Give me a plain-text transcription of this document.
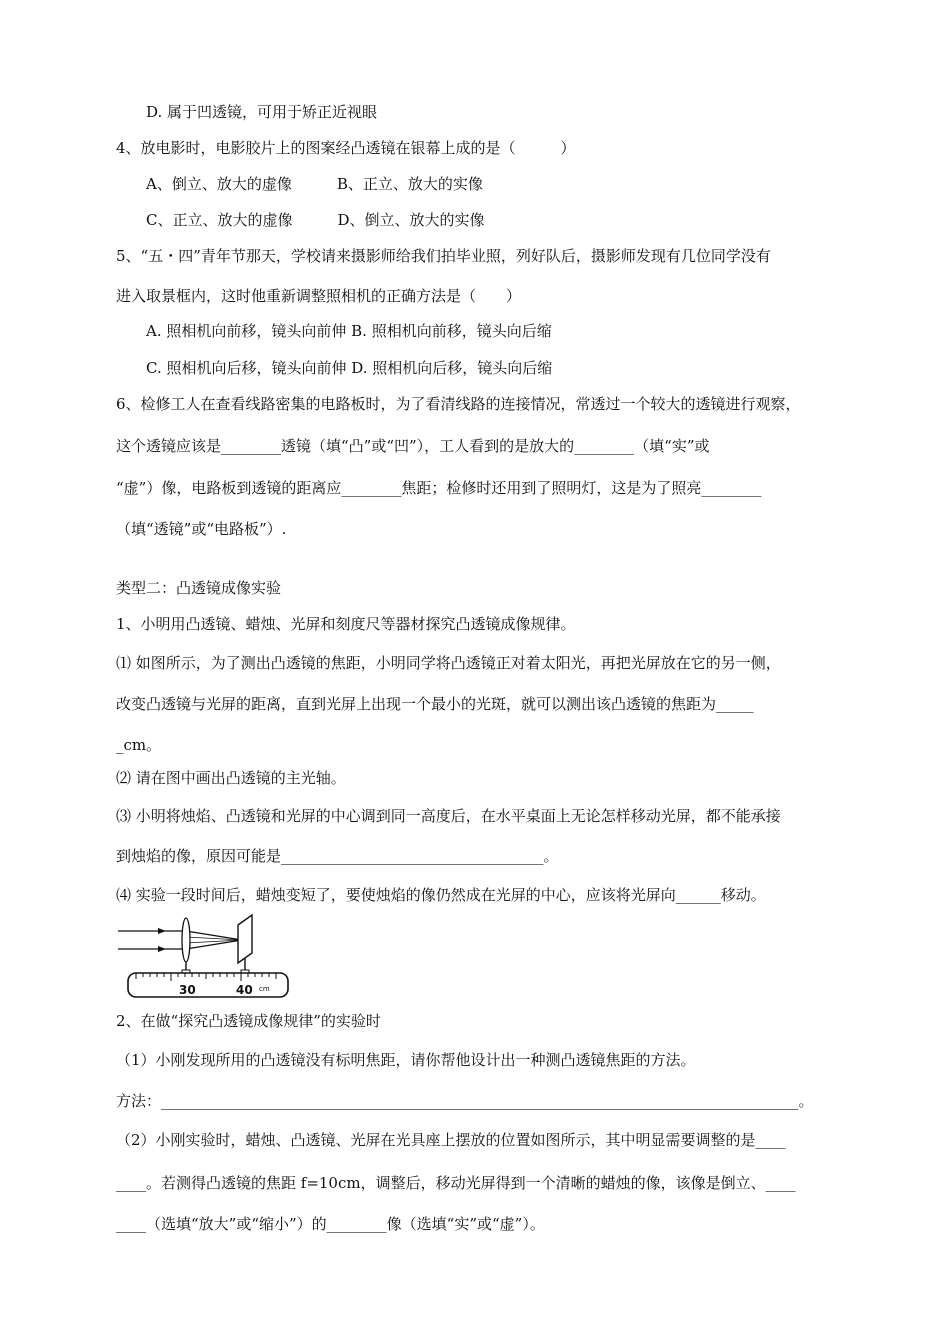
D. 属于凹透镜，可用于矫正近视眼
4、放电影时，电影胶片上的图案经凸透镜在银幕上成的是（　　　）
A、倒立、放大的虚像　　　B、正立、放大的实像
C、正立、放大的虚像　　　D、倒立、放大的实像
5、“五・四”青年节那天，学校请来摄影师给我们拍毕业照，列好队后，摄影师发现有几位同学没有
进入取景框内，这时他重新调整照相机的正确方法是（　　）
A. 照相机向前移，镜头向前伸 B. 照相机向前移，镜头向后缩
C. 照相机向后移，镜头向前伸 D. 照相机向后移，镜头向后缩
6、检修工人在查看线路密集的电路板时，为了看清线路的连接情况，常透过一个较大的透镜进行观察，
这个透镜应该是________透镜（填“凸”或“凹”），工人看到的是放大的________（填“实”或
“虚”）像，电路板到透镜的距离应________焦距；检修时还用到了照明灯，这是为了照亮________
（填“透镜”或“电路板”）.
类型二：凸透镜成像实验
1、小明用凸透镜、蜡烛、光屏和刻度尺等器材探究凸透镜成像规律。
⑴ 如图所示，为了测出凸透镜的焦距，小明同学将凸透镜正对着太阳光，再把光屏放在它的另一侧，
改变凸透镜与光屏的距离，直到光屏上出现一个最小的光斑，就可以测出该凸透镜的焦距为_____
_cm。
⑵ 请在图中画出凸透镜的主光轴。
⑶ 小明将烛焰、凸透镜和光屏的中心调到同一高度后，在水平桌面上无论怎样移动光屏，都不能承接
到烛焰的像，原因可能是___________________________________。
⑷ 实验一段时间后，蜡烛变短了，要使烛焰的像仍然成在光屏的中心，应该将光屏向______移动。
30	40 cm
2、在做“探究凸透镜成像规律”的实验时
（1）小刚发现所用的凸透镜没有标明焦距，请你帮他设计出一种测凸透镜焦距的方法。
方法：_____________________________________________________________________________________。
（2）小刚实验时，蜡烛、凸透镜、光屏在光具座上摆放的位置如图所示，其中明显需要调整的是____
____。若测得凸透镜的焦距 f=10cm，调整后，移动光屏得到一个清晰的蜡烛的像，该像是倒立、____
____（选填“放大”或“缩小”）的________像（选填“实”或“虚”）。
